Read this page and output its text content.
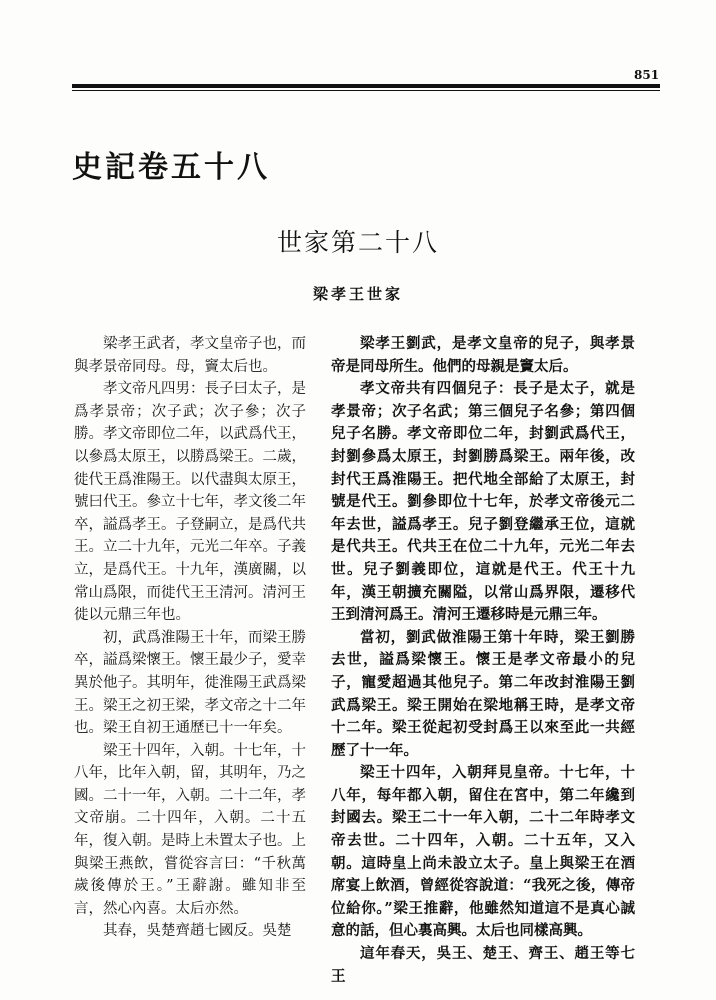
851
史記卷五十八
世家第二十八
梁孝王世家

梁孝王武者，孝文皇帝子也，而與孝景帝同母。母，竇太后也。

孝文帝凡四男：長子曰太子，是爲孝景帝；次子武；次子參；次子勝。孝文帝即位二年，以武爲代王，以參爲太原王，以勝爲梁王。二歲，徙代王爲淮陽王。以代盡與太原王，號曰代王。參立十七年，孝文後二年卒，謚爲孝王。子登嗣立，是爲代共王。立二十九年，元光二年卒。子義立，是爲代王。十九年，漢廣關，以常山爲限，而徙代王王清河。清河王徙以元鼎三年也。

初，武爲淮陽王十年，而梁王勝卒，謚爲梁懷王。懷王最少子，愛幸異於他子。其明年，徙淮陽王武爲梁王。梁王之初王梁，孝文帝之十二年也。梁王自初王通歷已十一年矣。

梁王十四年，入朝。十七年，十八年，比年入朝，留，其明年，乃之國。二十一年，入朝。二十二年，孝文帝崩。二十四年，入朝。二十五年，復入朝。是時上未置太子也。上與梁王燕飲，嘗從容言曰：“千秋萬歲後傳於王。”王辭謝。雖知非至言，然心內喜。太后亦然。

其春，吳楚齊趙七國反。吳楚

梁孝王劉武，是孝文皇帝的兒子，與孝景帝是同母所生。他們的母親是竇太后。

孝文帝共有四個兒子：長子是太子，就是孝景帝；次子名武；第三個兒子名參；第四個兒子名勝。孝文帝即位二年，封劉武爲代王，封劉參爲太原王，封劉勝爲梁王。兩年後，改封代王爲淮陽王。把代地全部給了太原王，封號是代王。劉參即位十七年，於孝文帝後元二年去世，謚爲孝王。兒子劉登繼承王位，這就是代共王。代共王在位二十九年，元光二年去世。兒子劉義即位，這就是代王。代王十九年，漢王朝擴充關隘，以常山爲界限，遷移代王到清河爲王。清河王遷移時是元鼎三年。

當初，劉武做淮陽王第十年時，梁王劉勝去世，謚爲梁懷王。懷王是孝文帝最小的兒子，寵愛超過其他兒子。第二年改封淮陽王劉武爲梁王。梁王開始在梁地稱王時，是孝文帝十二年。梁王從起初受封爲王以來至此一共經歷了十一年。

梁王十四年，入朝拜見皇帝。十七年，十八年，每年都入朝，留住在宮中，第二年纔到封國去。梁王二十一年入朝，二十二年時孝文帝去世。二十四年，入朝。二十五年，又入朝。這時皇上尚未設立太子。皇上與梁王在酒席宴上飲酒，曾經從容說道：“我死之後，傳帝位給你。”梁王推辭，他雖然知道這不是真心誠意的話，但心裏高興。太后也同樣高興。

這年春天，吳王、楚王、齊王、趙王等七王
